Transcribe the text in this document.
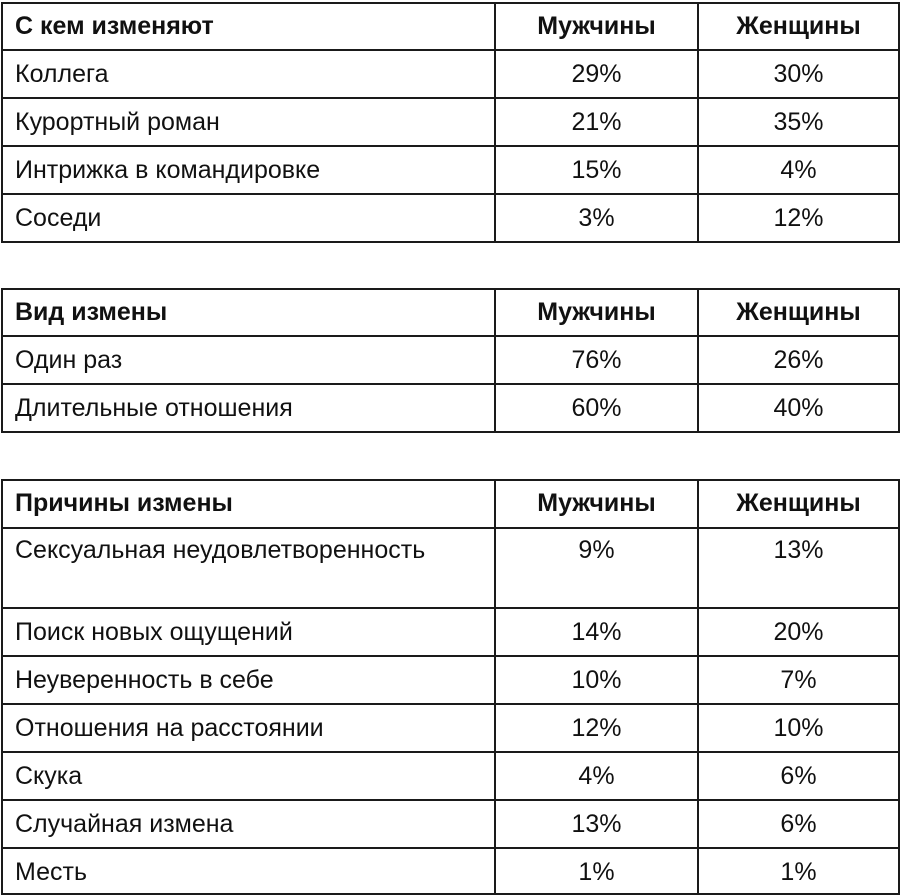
С кем изменяют	Мужчины	Женщины
Коллега	29%	30%
Курортный роман	21%	35%
Интрижка в командировке	15%	4%
Соседи	3%	12%
Вид измены	Мужчины	Женщины
Один раз	76%	26%
Длительные отношения	60%	40%
Причины измены	Мужчины	Женщины
Сексуальная неудовлетворенность	9%	13%
Поиск новых ощущений	14%	20%
Неуверенность в себе	10%	7%
Отношения на расстоянии	12%	10%
Скука	4%	6%
Случайная измена	13%	6%
Месть	1%	1%
